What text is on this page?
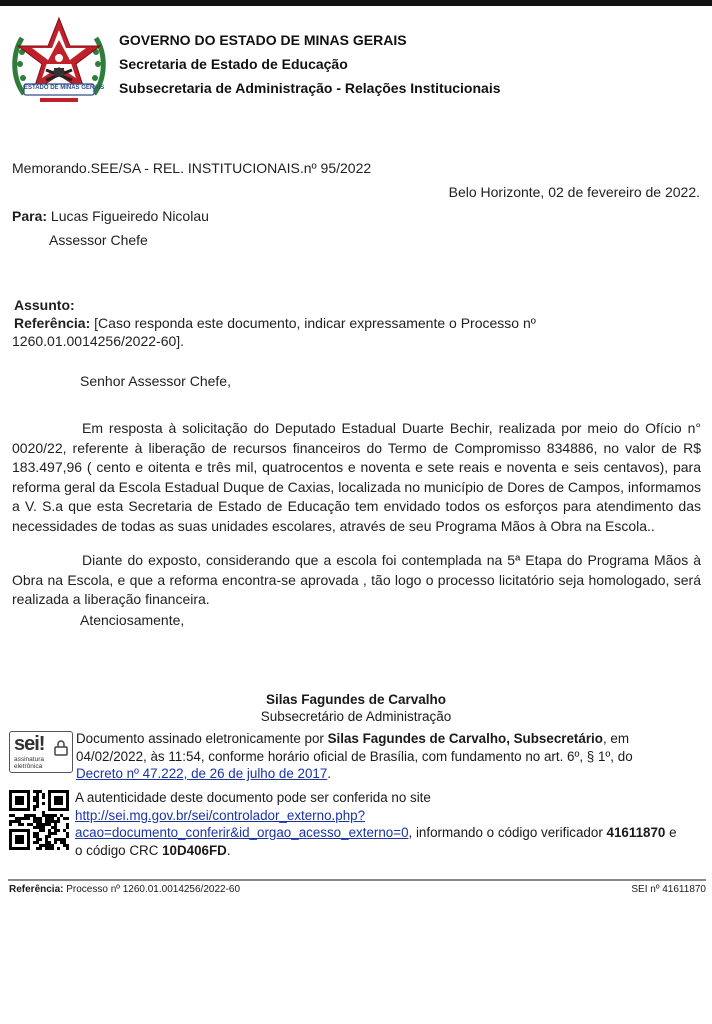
ESTADO DE MINAS GERAIS
GOVERNO DO ESTADO DE MINAS GERAIS
Secretaria de Estado de Educação
Subsecretaria de Administração - Relações Institucionais
Memorando.SEE/SA - REL. INSTITUCIONAIS.nº 95/2022
Belo Horizonte, 02 de fevereiro de 2022.
Para: Lucas Figueiredo Nicolau
Assessor Chefe
Assunto:
Referência: [Caso responda este documento, indicar expressamente o Processo nº
1260.01.0014256/2022-60].
Senhor Assessor Chefe,
Em resposta à solicitação do Deputado Estadual Duarte Bechir, realizada por meio do Ofício n° 0020/22, referente à liberação de recursos financeiros do Termo de Compromisso 834886, no valor de R$ 183.497,96 ( cento e oitenta e três mil, quatrocentos e noventa e sete reais e noventa e seis centavos), para reforma geral da Escola Estadual Duque de Caxias, localizada no município de Dores de Campos, informamos a V. S.a que esta Secretaria de Estado de Educação tem envidado todos os esforços para atendimento das necessidades de todas as suas unidades escolares, através de seu Programa Mãos à Obra na Escola..
Diante do exposto, considerando que a escola foi contemplada na 5ª Etapa do Programa Mãos à Obra na Escola, e que a reforma encontra-se aprovada , tão logo o processo licitatório seja homologado, será realizada a liberação financeira.
Atenciosamente,
Silas Fagundes de Carvalho
Subsecretário de Administração
sei!
assinatura
eletrônica
Documento assinado eletronicamente por Silas Fagundes de Carvalho, Subsecretário, em
04/02/2022, às 11:54, conforme horário oficial de Brasília, com fundamento no art. 6º, § 1º, do
Decreto nº 47.222, de 26 de julho de 2017.
A autenticidade deste documento pode ser conferida no site
http://sei.mg.gov.br/sei/controlador_externo.php?
acao=documento_conferir&id_orgao_acesso_externo=0, informando o código verificador 41611870 e
o código CRC 10D406FD.
Referência: Processo nº 1260.01.0014256/2022-60	SEI nº 41611870
